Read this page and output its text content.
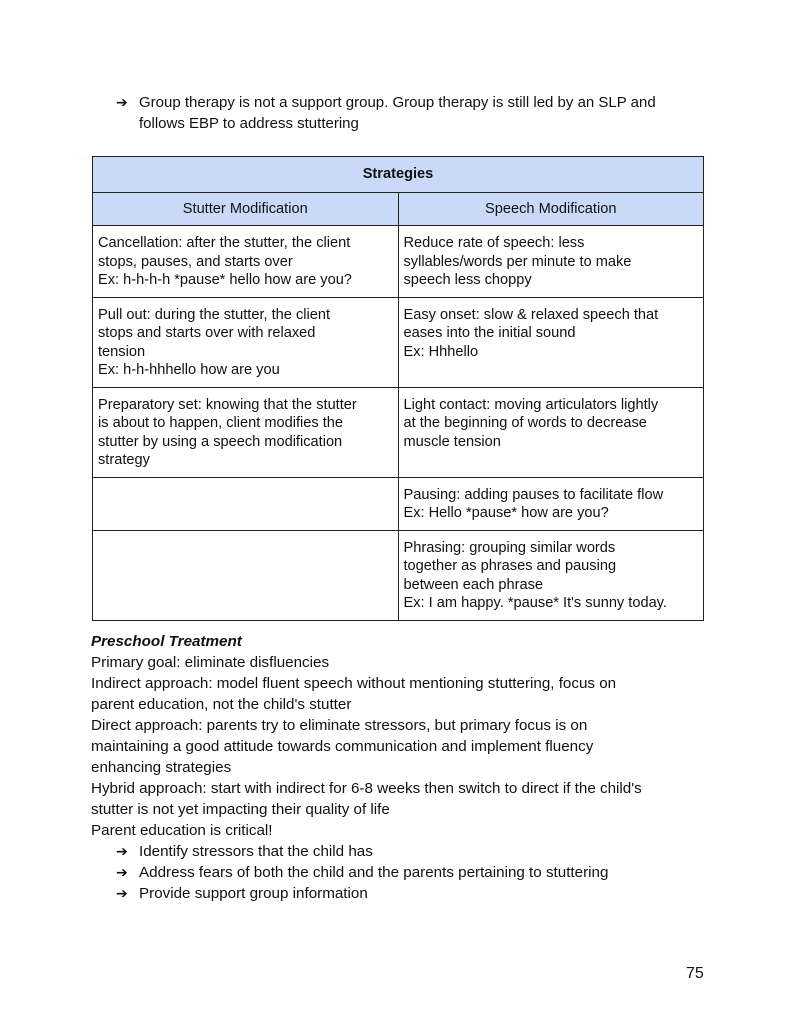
➔ Group therapy is not a support group. Group therapy is still led by an SLP and
follows EBP to address stuttering
Strategies	
Stutter Modification	Speech Modification
Cancellation: after the stutter, the client
stops, pauses, and starts over
Ex: h-h-h-h *pause* hello how are you?	Reduce rate of speech: less
syllables/words per minute to make
speech less choppy
Pull out: during the stutter, the client
stops and starts over with relaxed
tension
Ex: h-h-hhhello how are you	Easy onset: slow & relaxed speech that
eases into the initial sound
Ex: Hhhello
Preparatory set: knowing that the stutter
is about to happen, client modifies the
stutter by using a speech modification
strategy	Light contact: moving articulators lightly
at the beginning of words to decrease
muscle tension
	Pausing: adding pauses to facilitate flow
Ex: Hello *pause* how are you?
	Phrasing: grouping similar words
together as phrases and pausing
between each phrase
Ex: I am happy. *pause* It's sunny today.
Preschool Treatment
Primary goal: eliminate disfluencies
Indirect approach: model fluent speech without mentioning stuttering, focus on
parent education, not the child's stutter
Direct approach: parents try to eliminate stressors, but primary focus is on
maintaining a good attitude towards communication and implement fluency
enhancing strategies
Hybrid approach: start with indirect for 6-8 weeks then switch to direct if the child's
stutter is not yet impacting their quality of life
Parent education is critical!
➔ Identify stressors that the child has
➔ Address fears of both the child and the parents pertaining to stuttering
➔ Provide support group information
75
